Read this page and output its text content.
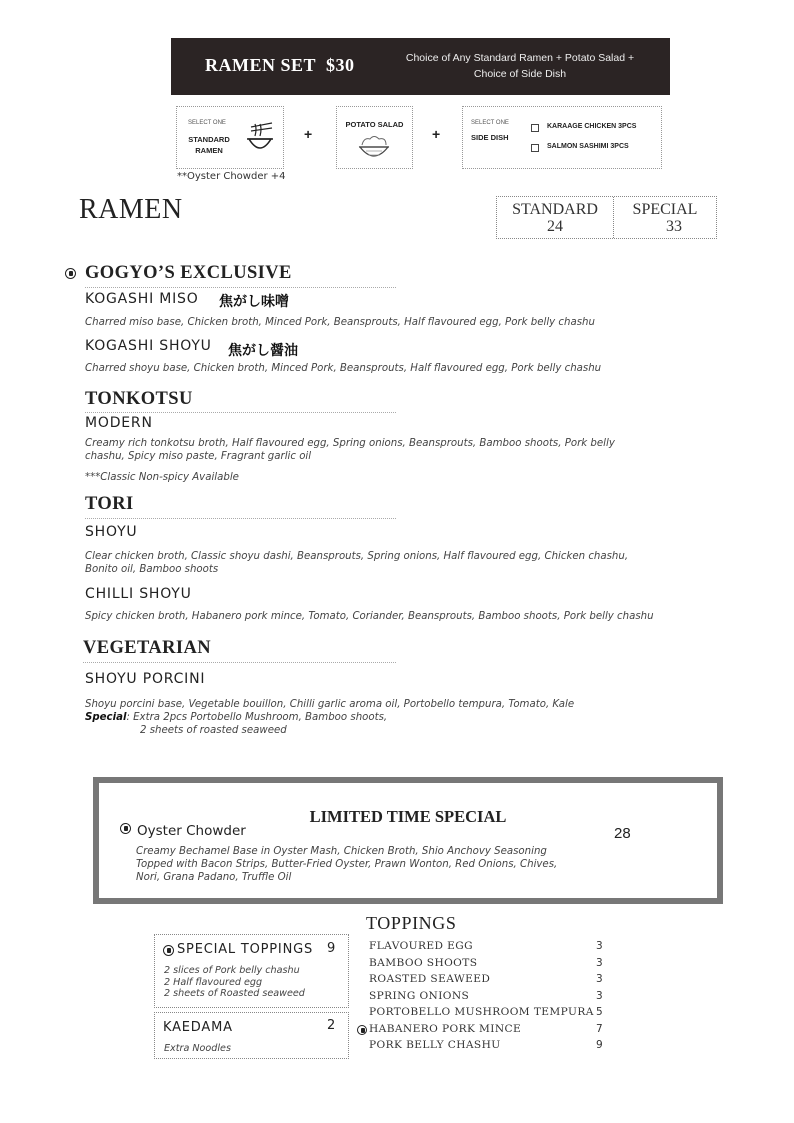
RAMEN SET $30	Choice of Any Standard Ramen + Potato Salad +
Choice of Side Dish
SELECT ONE
STANDARD
RAMEN
+
POTATO SALAD
+
SELECT ONE
SIDE DISH
KARAAGE CHICKEN 3PCS
SALMON SASHIMI 3PCS
**Oyster Chowder +4
RAMEN	STANDARD
24
SPECIAL
33
GOGYO’S EXCLUSIVE
KOGASHI MISO 焦がし味噌
Charred miso base, Chicken broth, Minced Pork, Beansprouts, Half flavoured egg, Pork belly chashu
KOGASHI SHOYU 焦がし醤油
Charred shoyu base, Chicken broth, Minced Pork, Beansprouts, Half flavoured egg, Pork belly chashu
TONKOTSU
MODERN
Creamy rich tonkotsu broth, Half flavoured egg, Spring onions, Beansprouts, Bamboo shoots, Pork belly
chashu, Spicy miso paste, Fragrant garlic oil
***Classic Non-spicy Available
TORI
SHOYU
Clear chicken broth, Classic shoyu dashi, Beansprouts, Spring onions, Half flavoured egg, Chicken chashu,
Bonito oil, Bamboo shoots
CHILLI SHOYU
Spicy chicken broth, Habanero pork mince, Tomato, Coriander, Beansprouts, Bamboo shoots, Pork belly chashu
VEGETARIAN
SHOYU PORCINI
Shoyu porcini base, Vegetable bouillon, Chilli garlic aroma oil, Portobello tempura, Tomato, Kale
Special: Extra 2pcs Portobello Mushroom, Bamboo shoots,
2 sheets of roasted seaweed
LIMITED TIME SPECIAL
Oyster Chowder	28
Creamy Bechamel Base in Oyster Mash, Chicken Broth, Shio Anchovy Seasoning
Topped with Bacon Strips, Butter-Fried Oyster, Prawn Wonton, Red Onions, Chives,
Nori, Grana Padano, Truffle Oil
SPECIAL TOPPINGS 9
2 slices of Pork belly chashu
2 Half flavoured egg
2 sheets of Roasted seaweed
KAEDAMA	2
Extra Noodles
TOPPINGS
FLAVOURED EGG	3
BAMBOO SHOOTS	3
ROASTED SEAWEED	3
SPRING ONIONS	3
PORTOBELLO MUSHROOM TEMPURA 5
HABANERO PORK MINCE	7
PORK BELLY CHASHU	9
